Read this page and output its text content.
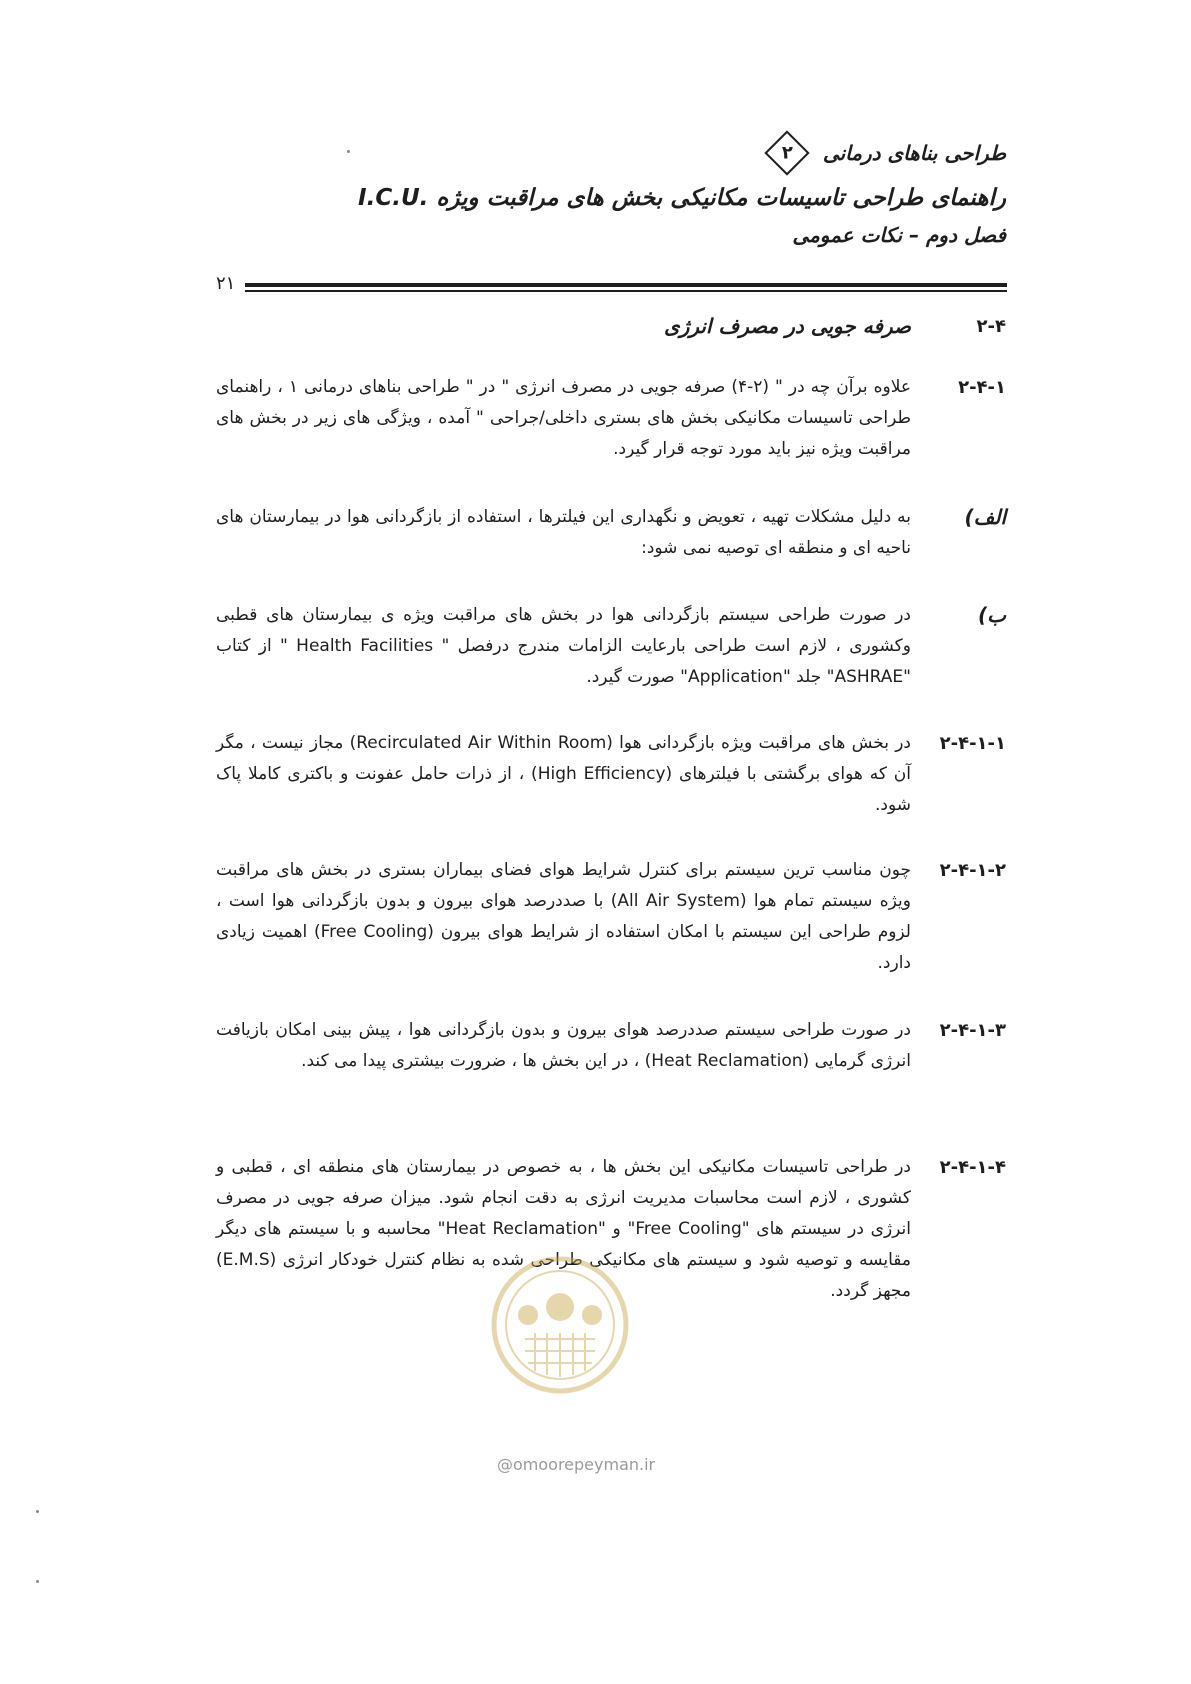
طراحی بناهای درمانی
۲
راهنمای طراحی تاسیسات مکانیکی بخش های مراقبت ویژه .I.C.U
فصل دوم – نکات عمومی
۲۱
۲-۴
صرفه جویی در مصرف انرژی
۲-۴-۱
علاوه برآن چه در " (۲-۴) صرفه جویی در مصرف انرژی " در " طراحی بناهای درمانی ۱ ، راهنمای طراحی تاسیسات مکانیکی بخش های بستری داخلی/جراحی " آمده ، ویژگی های زیر در بخش های مراقبت ویژه نیز باید مورد توجه قرار گیرد.
الف)
به دلیل مشکلات تهیه ، تعویض و نگهداری این فیلترها ، استفاده از بازگردانی هوا در بیمارستان های ناحیه ای و منطقه ای توصیه نمی شود:
ب)
در صورت طراحی سیستم بازگردانی هوا در بخش های مراقبت ویژه ی بیمارستان های قطبی وکشوری ، لازم است طراحی بارعایت الزامات مندرج درفصل " Health Facilities " از کتاب "ASHRAE" جلد "Application" صورت گیرد.
۲-۴-۱-۱
در بخش های مراقبت ویژه بازگردانی هوا (Recirculated Air Within Room) مجاز نیست ، مگر آن که هوای برگشتی با فیلترهای (High Efficiency) ، از ذرات حامل عفونت و باکتری کاملا پاک شود.
۲-۴-۱-۲
چون مناسب ترین سیستم برای کنترل شرایط هوای فضای بیماران بستری در بخش های مراقبت ویژه سیستم تمام هوا (All Air System) با صددرصد هوای بیرون و بدون بازگردانی هوا است ، لزوم طراحی این سیستم با امکان استفاده از شرایط هوای بیرون (Free Cooling) اهمیت زیادی دارد.
۲-۴-۱-۳
در صورت طراحی سیستم صددرصد هوای بیرون و بدون بازگردانی هوا ، پیش بینی امکان بازیافت انرژی گرمایی (Heat Reclamation) ، در این بخش ها ، ضرورت بیشتری پیدا می کند.
۲-۴-۱-۴
در طراحی تاسیسات مکانیکی این بخش ها ، به خصوص در بیمارستان های منطقه ای ، قطبی و کشوری ، لازم است محاسبات مدیریت انرژی به دقت انجام شود. میزان صرفه جویی در مصرف انرژی در سیستم های "Free Cooling" و "Heat Reclamation" محاسبه و با سیستم های دیگر مقایسه و توصیه شود و سیستم های مکانیکی طراحی شده به نظام کنترل خودکار انرژی (E.M.S) مجهز گردد.
@omoorepeyman.ir
